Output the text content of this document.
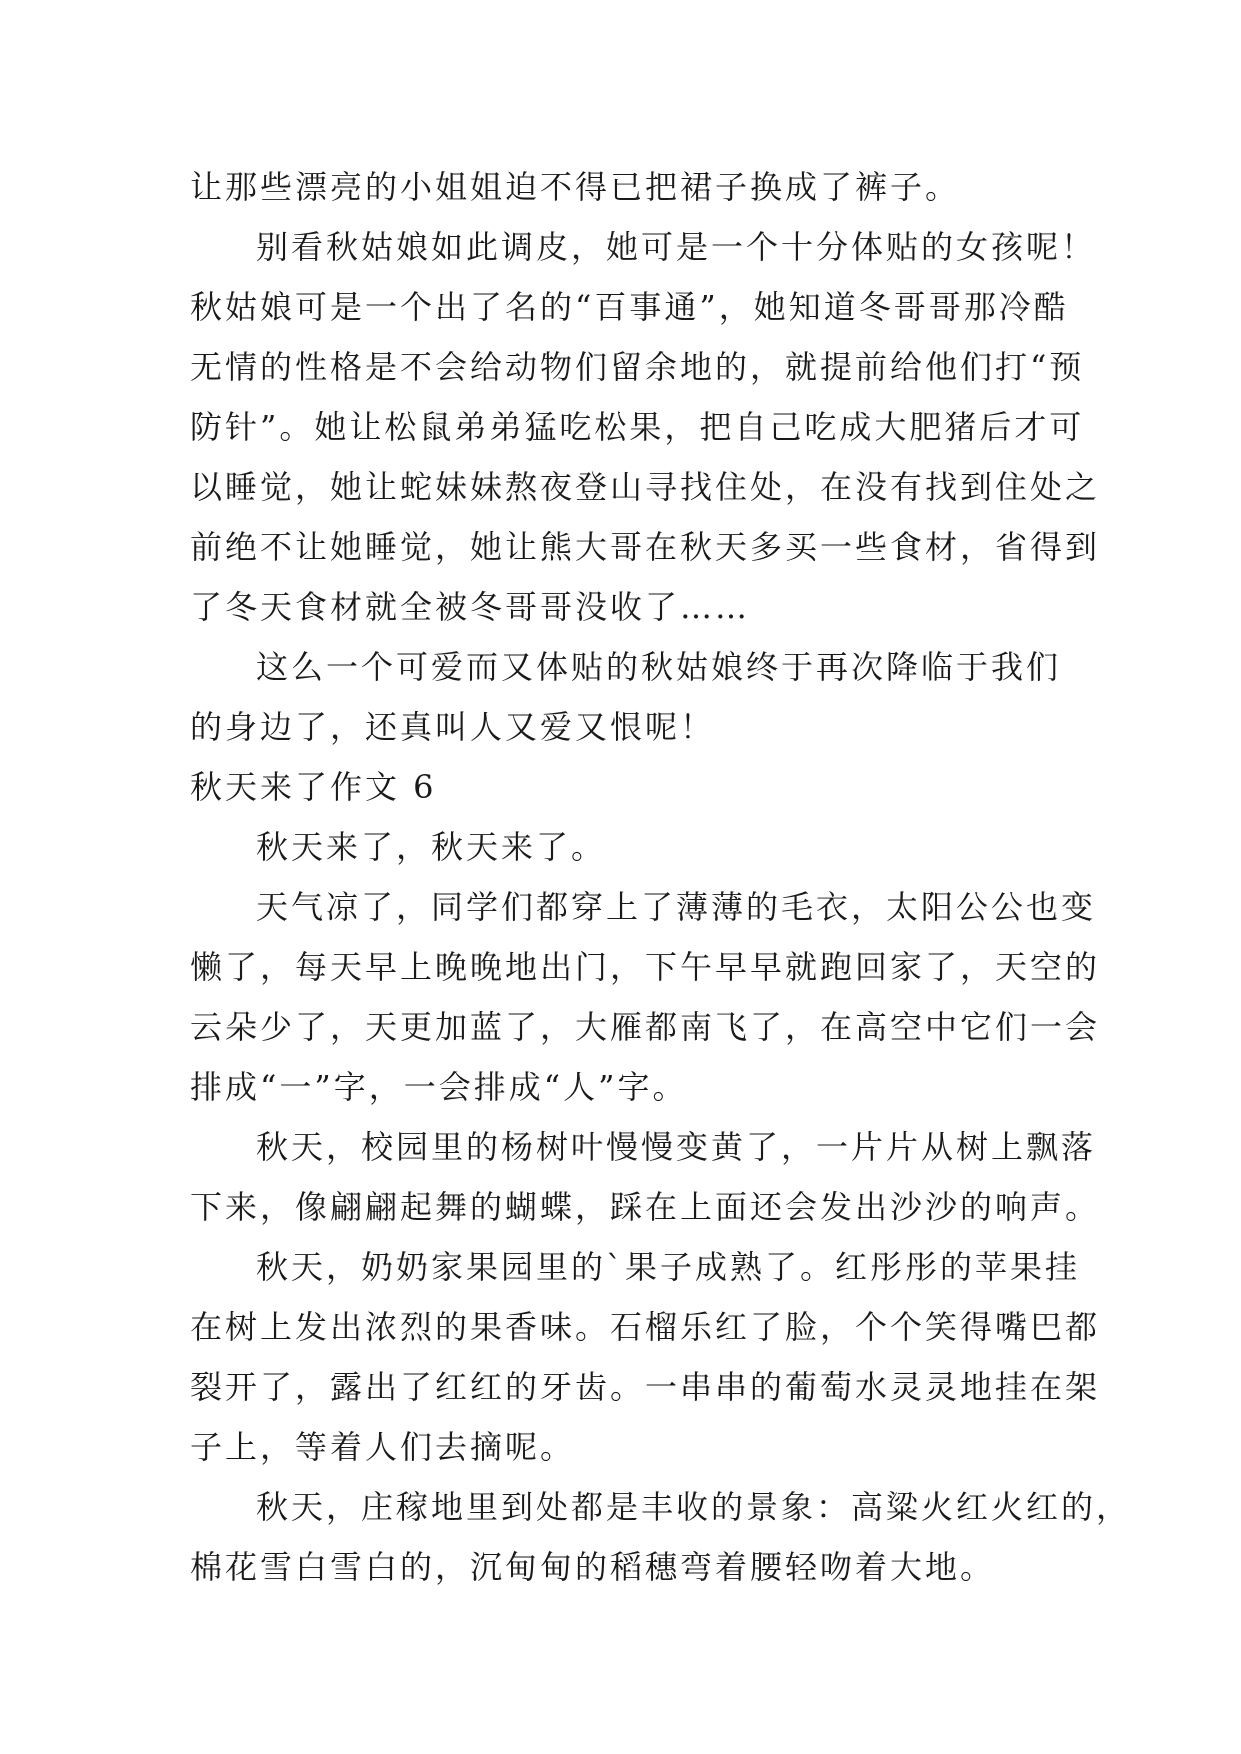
让那些漂亮的小姐姐迫不得已把裙子换成了裤子。
别看秋姑娘如此调皮，她可是一个十分体贴的女孩呢！
秋姑娘可是一个出了名的“百事通”，她知道冬哥哥那冷酷
无情的性格是不会给动物们留余地的，就提前给他们打“预
防针”。她让松鼠弟弟猛吃松果，把自己吃成大肥猪后才可
以睡觉，她让蛇妹妹熬夜登山寻找住处，在没有找到住处之
前绝不让她睡觉，她让熊大哥在秋天多买一些食材，省得到
了冬天食材就全被冬哥哥没收了……
这么一个可爱而又体贴的秋姑娘终于再次降临于我们
的身边了，还真叫人又爱又恨呢！
秋天来了作文 6
秋天来了，秋天来了。
天气凉了，同学们都穿上了薄薄的毛衣，太阳公公也变
懒了，每天早上晚晚地出门，下午早早就跑回家了，天空的
云朵少了，天更加蓝了，大雁都南飞了，在高空中它们一会
排成“一”字，一会排成“人”字。
秋天，校园里的杨树叶慢慢变黄了，一片片从树上飘落
下来，像翩翩起舞的蝴蝶，踩在上面还会发出沙沙的响声。
秋天，奶奶家果园里的`果子成熟了。红彤彤的苹果挂
在树上发出浓烈的果香味。石榴乐红了脸，个个笑得嘴巴都
裂开了，露出了红红的牙齿。一串串的葡萄水灵灵地挂在架
子上，等着人们去摘呢。
秋天，庄稼地里到处都是丰收的景象：高粱火红火红的，
棉花雪白雪白的，沉甸甸的稻穗弯着腰轻吻着大地。
